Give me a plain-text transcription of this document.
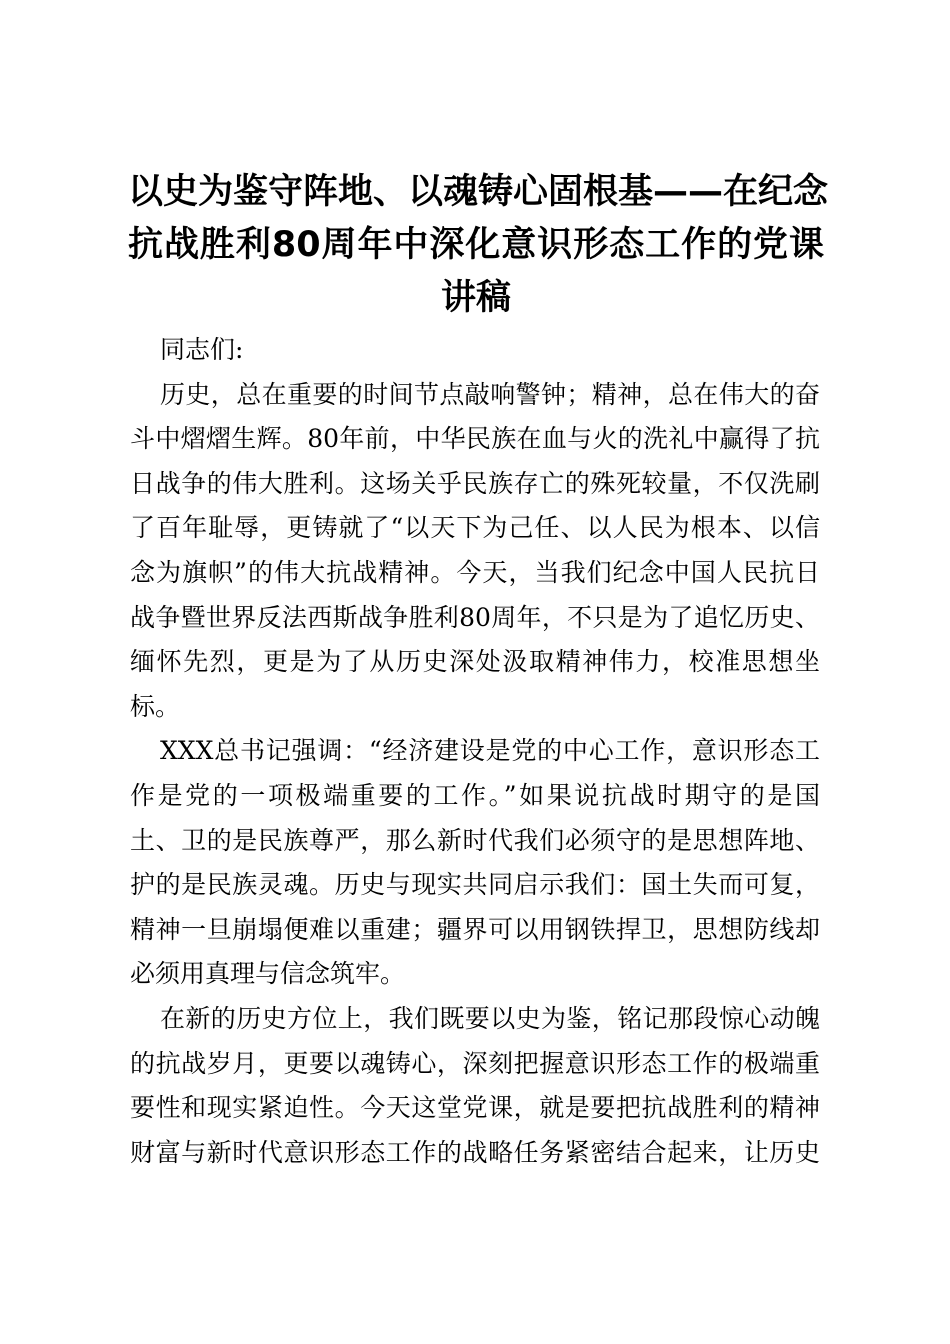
以史为鉴守阵地、以魂铸心固根基——在纪念
抗战胜利80周年中深化意识形态工作的党课
讲稿
同志们:
历史，总在重要的时间节点敲响警钟；精神，总在伟大的奋
斗中熠熠生辉。80年前，中华民族在血与火的洗礼中赢得了抗
日战争的伟大胜利。这场关乎民族存亡的殊死较量，不仅洗刷
了百年耻辱，更铸就了“以天下为己任、以人民为根本、以信
念为旗帜”的伟大抗战精神。今天，当我们纪念中国人民抗日
战争暨世界反法西斯战争胜利80周年，不只是为了追忆历史、
缅怀先烈，更是为了从历史深处汲取精神伟力，校准思想坐
标。
XXX总书记强调：“经济建设是党的中心工作，意识形态工
作是党的一项极端重要的工作。”如果说抗战时期守的是国
土、卫的是民族尊严，那么新时代我们必须守的是思想阵地、
护的是民族灵魂。历史与现实共同启示我们：国土失而可复，
精神一旦崩塌便难以重建；疆界可以用钢铁捍卫，思想防线却
必须用真理与信念筑牢。
在新的历史方位上，我们既要以史为鉴，铭记那段惊心动魄
的抗战岁月，更要以魂铸心，深刻把握意识形态工作的极端重
要性和现实紧迫性。今天这堂党课，就是要把抗战胜利的精神
财富与新时代意识形态工作的战略任务紧密结合起来，让历史
